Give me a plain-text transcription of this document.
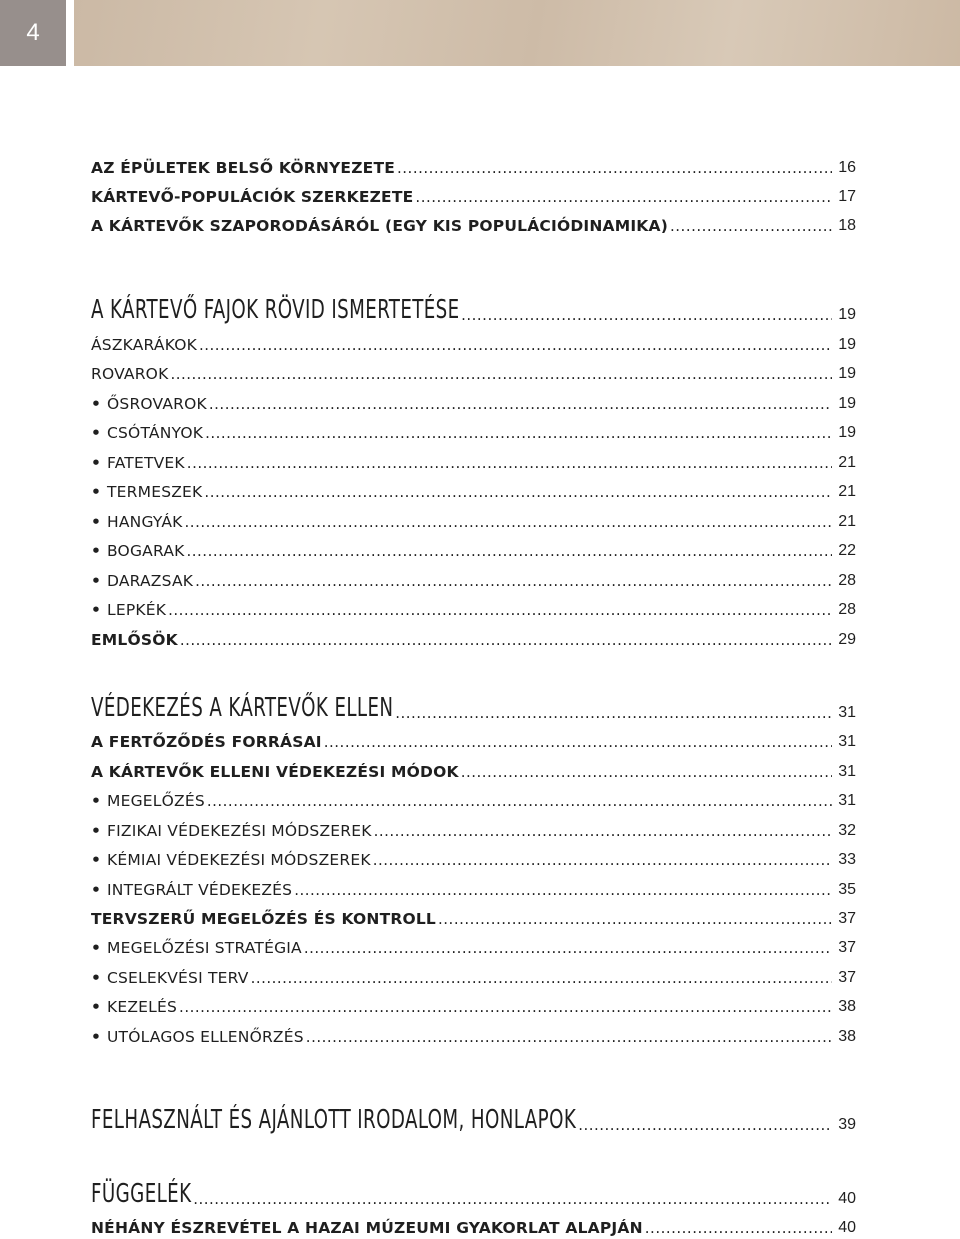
4
AZ ÉPÜLETEK BELSŐ KÖRNYEZETE .....	16
KÁRTEVŐ-POPULÁCIÓK SZERKEZETE .....	17
A KÁRTEVŐK SZAPORODÁSÁRÓL (EGY KIS POPULÁCIÓDINAMIKA) .....	18
A KÁRTEVŐ FAJOK RÖVID ISMERTETÉSE .....	19
ÁSZKARÁKOK .....	19
ROVAROK .....	19
• ŐSROVAROK .....	19
• CSÓTÁNYOK .....	19
• FATETVEK .....	21
• TERMESZEK .....	21
• HANGYÁK .....	21
• BOGARAK .....	22
• DARAZSAK .....	28
• LEPKÉK .....	28
EMLŐSÖK .....	29
VÉDEKEZÉS A KÁRTEVŐK ELLEN .....	31
A FERTŐZŐDÉS FORRÁSAI .....	31
A KÁRTEVŐK ELLENI VÉDEKEZÉSI MÓDOK .....	31
• MEGELŐZÉS .....	31
• FIZIKAI VÉDEKEZÉSI MÓDSZEREK .....	32
• KÉMIAI VÉDEKEZÉSI MÓDSZEREK .....	33
• INTEGRÁLT VÉDEKEZÉS .....	35
TERVSZERŰ MEGELŐZÉS ÉS KONTROLL .....	37
• MEGELŐZÉSI STRATÉGIA .....	37
• CSELEKVÉSI TERV .....	37
• KEZELÉS .....	38
• UTÓLAGOS ELLENŐRZÉS .....	38
FELHASZNÁLT ÉS AJÁNLOTT IRODALOM, HONLAPOK .....	39
FÜGGELÉK .....	40
NÉHÁNY ÉSZREVÉTEL A HAZAI MÚZEUMI GYAKORLAT ALAPJÁN .....	40
